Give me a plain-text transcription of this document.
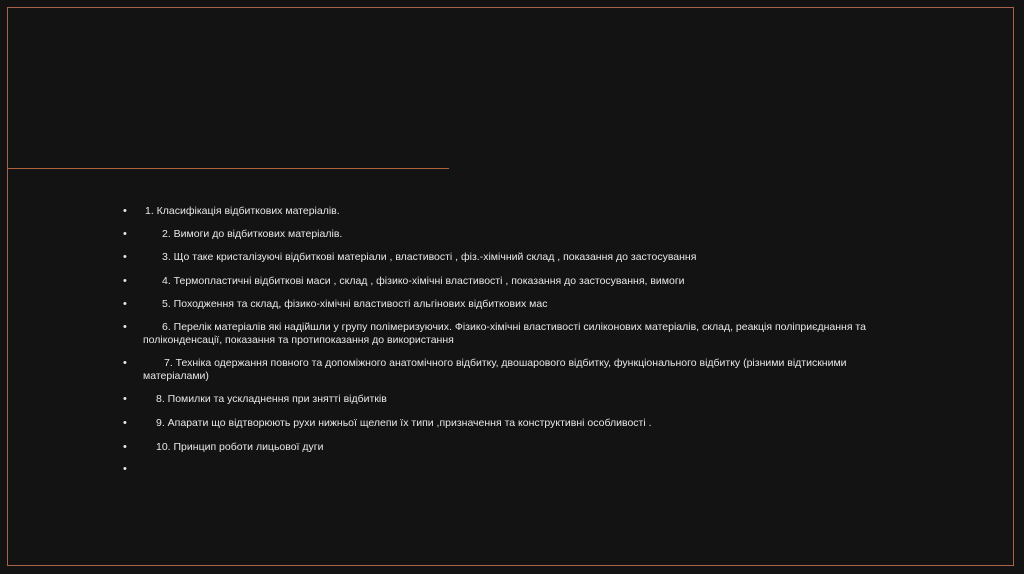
• 1. Класифікація відбиткових матеріалів.
•	2. Вимоги до відбиткових матеріалів.
•	3. Що таке кристалізуючі відбиткові матеріали , властивості , фіз.-хімічний склад , показання до застосування
•	4. Термопластичні відбиткові маси , склад , фізико-хімічні властивості , показання до застосування, вимоги
•	5. Походження та склад, фізико-хімічні властивості альгінових відбиткових мас
•	6. Перелік матеріалів які надійшли у групу полімеризуючих. Фізико-хімічні властивості силіконових матеріалів, склад, реакція поліприєднання та
поліконденсації, показання та протипоказання до використання
•	7. Техніка одержання повного та допоміжного анатомічного відбитку, двошарового відбитку, функціонального відбитку (різними відтискними
матеріалами)
•	8. Помилки та ускладнення при знятті відбитків
•	9. Апарати що відтворюють рухи нижньої щелепи їх типи ,призначення та конструктивні особливості .
•	10. Принцип роботи лицьової дуги
•
